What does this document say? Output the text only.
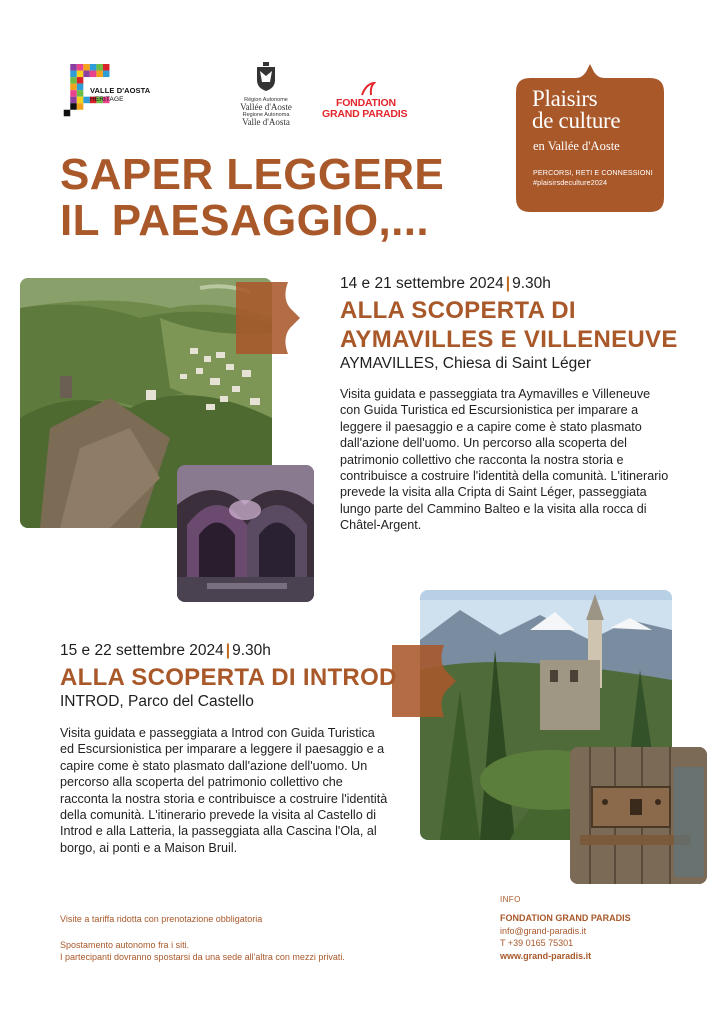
VALLE D'AOSTA
HERITAGE	Région Autonome
Vallée d'Aoste
Regione Autonoma
Valle d'Aosta
FONDATION
GRAND PARADIS
Plaisirs
de culture
en Vallée d'Aoste
PERCORSI, RETI E CONNESSIONI
#plaisirsdeculture2024
SAPER LEGGERE
IL PAESAGGIO,...
14 e 21 settembre 2024 | 9.30h
ALLA SCOPERTA DI
AYMAVILLES E VILLENEUVE
AYMAVILLES, Chiesa di Saint Léger
Visita guidata e passeggiata tra Aymavilles e Villeneuve con Guida Turistica ed Escursionistica per imparare a leggere il paesaggio e a capire come è stato plasmato dall'azione dell'uomo. Un percorso alla scoperta del patrimonio collettivo che racconta la nostra storia e contribuisce a costruire l'identità della comunità. L'itinerario prevede la visita alla Cripta di Saint Léger, passeggiata lungo parte del Cammino Balteo e la visita alla rocca di Châtel-Argent.
15 e 22 settembre 2024 | 9.30h
ALLA SCOPERTA DI INTROD
INTROD, Parco del Castello
Visita guidata e passeggiata a Introd con Guida Turistica ed Escursionistica per imparare a leggere il paesaggio e a capire come è stato plasmato dall'azione dell'uomo. Un percorso alla scoperta del patrimonio collettivo che racconta la nostra storia e contribuisce a costruire l'identità della comunità. L'itinerario prevede la visita al Castello di Introd e alla Latteria, la passeggiata alla Cascina l'Ola, al borgo, ai ponti e a Maison Bruil.
Visite a tariffa ridotta con prenotazione obbligatoria
Spostamento autonomo fra i siti.
I partecipanti dovranno spostarsi da una sede all'altra con mezzi privati.
INFO
FONDATION GRAND PARADIS
info@grand-paradis.it
T +39 0165 75301
www.grand-paradis.it
